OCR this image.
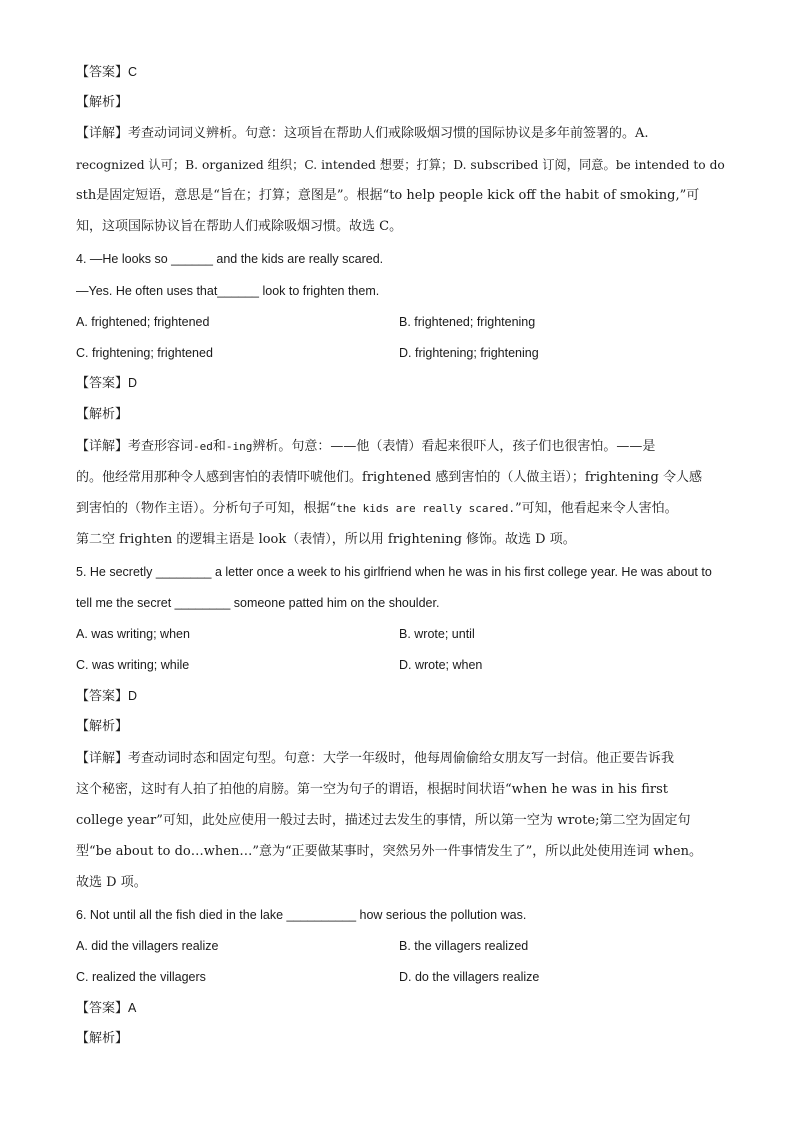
【答案】C
【解析】
【详解】考查动词词义辨析。句意：这项旨在帮助人们戒除吸烟习惯的国际协议是多年前签署的。A.
recognized 认可；B. organized 组织；C. intended 想要；打算；D. subscribed 订阅，同意。be intended to do
sth是固定短语，意思是“旨在；打算；意图是”。根据“to help people kick off the habit of smoking,”可
知，这项国际协议旨在帮助人们戒除吸烟习惯。故选 C。
4. —He looks so ______ and the kids are really scared.
—Yes. He often uses that______ look to frighten them.
A. frightened; frightened	B. frightened; frightening
C. frightening; frightened	D. frightening; frightening
【答案】D
【解析】
【详解】考查形容词-ed和-ing辨析。句意：——他（表情）看起来很吓人，孩子们也很害怕。——是
的。他经常用那种令人感到害怕的表情吓唬他们。frightened 感到害怕的（人做主语）；frightening 令人感
到害怕的（物作主语）。分析句子可知，根据“the kids are really scared.”可知，他看起来令人害怕。
第二空 frighten 的逻辑主语是 look（表情），所以用 frightening 修饰。故选 D 项。
5. He secretly ________ a letter once a week to his girlfriend when he was in his first college year. He was about to
tell me the secret ________ someone patted him on the shoulder.
A. was writing; when	B. wrote; until
C. was writing; while	D. wrote; when
【答案】D
【解析】
【详解】考查动词时态和固定句型。句意：大学一年级时，他每周偷偷给女朋友写一封信。他正要告诉我
这个秘密，这时有人拍了拍他的肩膀。第一空为句子的谓语，根据时间状语“when he was in his first
college year”可知，此处应使用一般过去时，描述过去发生的事情，所以第一空为 wrote;第二空为固定句
型“be about to do…when…”意为“正要做某事时，突然另外一件事情发生了”，所以此处使用连词 when。
故选 D 项。
6. Not until all the fish died in the lake __________ how serious the pollution was.
A. did the villagers realize	B. the villagers realized
C. realized the villagers	D. do the villagers realize
【答案】A
【解析】
